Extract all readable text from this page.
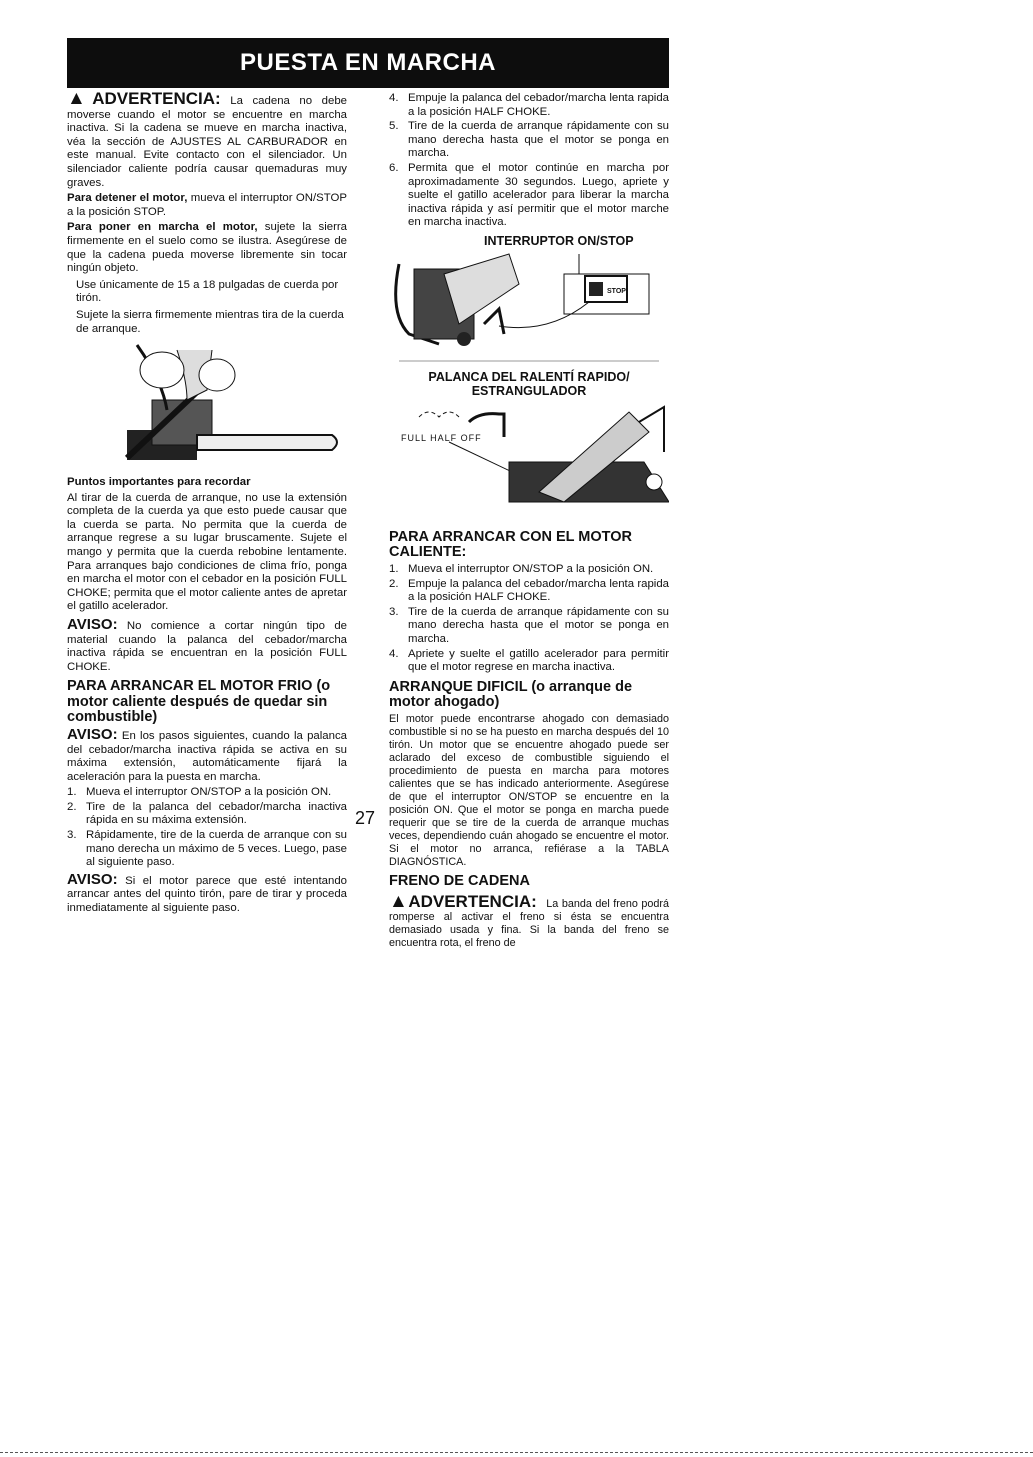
PUESTA EN MARCHA

▲ADVERTENCIA: La cadena no debe moverse cuando el motor se encuentre en marcha inactiva. Si la cadena se mueve en marcha inactiva, véa la sección de AJUSTES AL CARBURADOR en este manual. Evite contacto con el silenciador. Un silenciador caliente podría causar quemaduras muy graves.

Para detener el motor, mueva el interruptor ON/STOP a la posición STOP.

Para poner en marcha el motor, sujete la sierra firmemente en el suelo como se ilustra. Asegúrese de que la cadena pueda moverse libremente sin tocar ningún objeto.

Use únicamente de 15 a 18 pulgadas de cuerda por tirón.

Sujete la sierra firmemente mientras tira de la cuerda de arranque.

Puntos importantes para recordar

Al tirar de la cuerda de arranque, no use la extensión completa de la cuerda ya que esto puede causar que la cuerda se parta. No permita que la cuerda de arranque regrese a su lugar bruscamente. Sujete el mango y permita que la cuerda rebobine lentamente. Para arranques bajo condiciones de clima frío, ponga en marcha el motor con el cebador en la posición FULL CHOKE; permita que el motor caliente antes de apretar el gatillo acelerador.

AVISO: No comience a cortar ningún tipo de material cuando la palanca del cebador/marcha inactiva rápida se encuentran en la posición FULL CHOKE.

PARA ARRANCAR EL MOTOR FRIO (o motor caliente después de quedar sin combustible)

AVISO: En los pasos siguientes, cuando la palanca del cebador/marcha inactiva rápida se activa en su máxima extensión, automáticamente fijará la aceleración para la puesta en marcha.

1. Mueva el interruptor ON/STOP a la posición ON.
2. Tire de la palanca del cebador/marcha inactiva rápida en su máxima extensión.
3. Rápidamente, tire de la cuerda de arranque con su mano derecha un máximo de 5 veces. Luego, pase al siguiente paso.

AVISO: Si el motor parece que esté intentando arrancar antes del quinto tirón, pare de tirar y proceda inmediatamente al siguiente paso.

4. Empuje la palanca del cebador/marcha lenta rapida a la posición HALF CHOKE.
5. Tire de la cuerda de arranque rápidamente con su mano derecha hasta que el motor se ponga en marcha.
6. Permita que el motor continúe en marcha por aproximadamente 30 segundos. Luego, apriete y suelte el gatillo acelerador para liberar la marcha inactiva rápida y así permitir que el motor marche en marcha inactiva.
INTERRUPTOR ON/STOP
STOP
PALANCA DEL RALENTÍ RAPIDO/ ESTRANGULADOR
FULL HALF OFF
PARA ARRANCAR CON EL MOTOR CALIENTE:
1. Mueva el interruptor ON/STOP a la posición ON.
2. Empuje la palanca del cebador/marcha lenta rapida a la posición HALF CHOKE.
3. Tire de la cuerda de arranque rápidamente con su mano derecha hasta que el motor se ponga en marcha.
4. Apriete y suelte el gatillo acelerador para permitir que el motor regrese en marcha inactiva.
ARRANQUE DIFICIL (o arranque de motor ahogado)

El motor puede encontrarse ahogado con demasiado combustible si no se ha puesto en marcha después del 10 tirón. Un motor que se encuentre ahogado puede ser aclarado del exceso de combustible siguiendo el procedimiento de puesta en marcha para motores calientes que se has indicado anteriormente. Asegúrese de que el interruptor ON/STOP se encuentre en la posición ON. Que el motor se ponga en marcha puede requerir que se tire de la cuerda de arranque muchas veces, dependiendo cuán ahogado se encuentre el motor. Si el motor no arranca, refiérase a la TABLA DIAGNÓSTICA.

FRENO DE CADENA

▲ADVERTENCIA: La banda del freno podrá romperse al activar el freno si ésta se encuentra demasiado usada y fina. Si la banda del freno se encuentra rota, el freno de

27
